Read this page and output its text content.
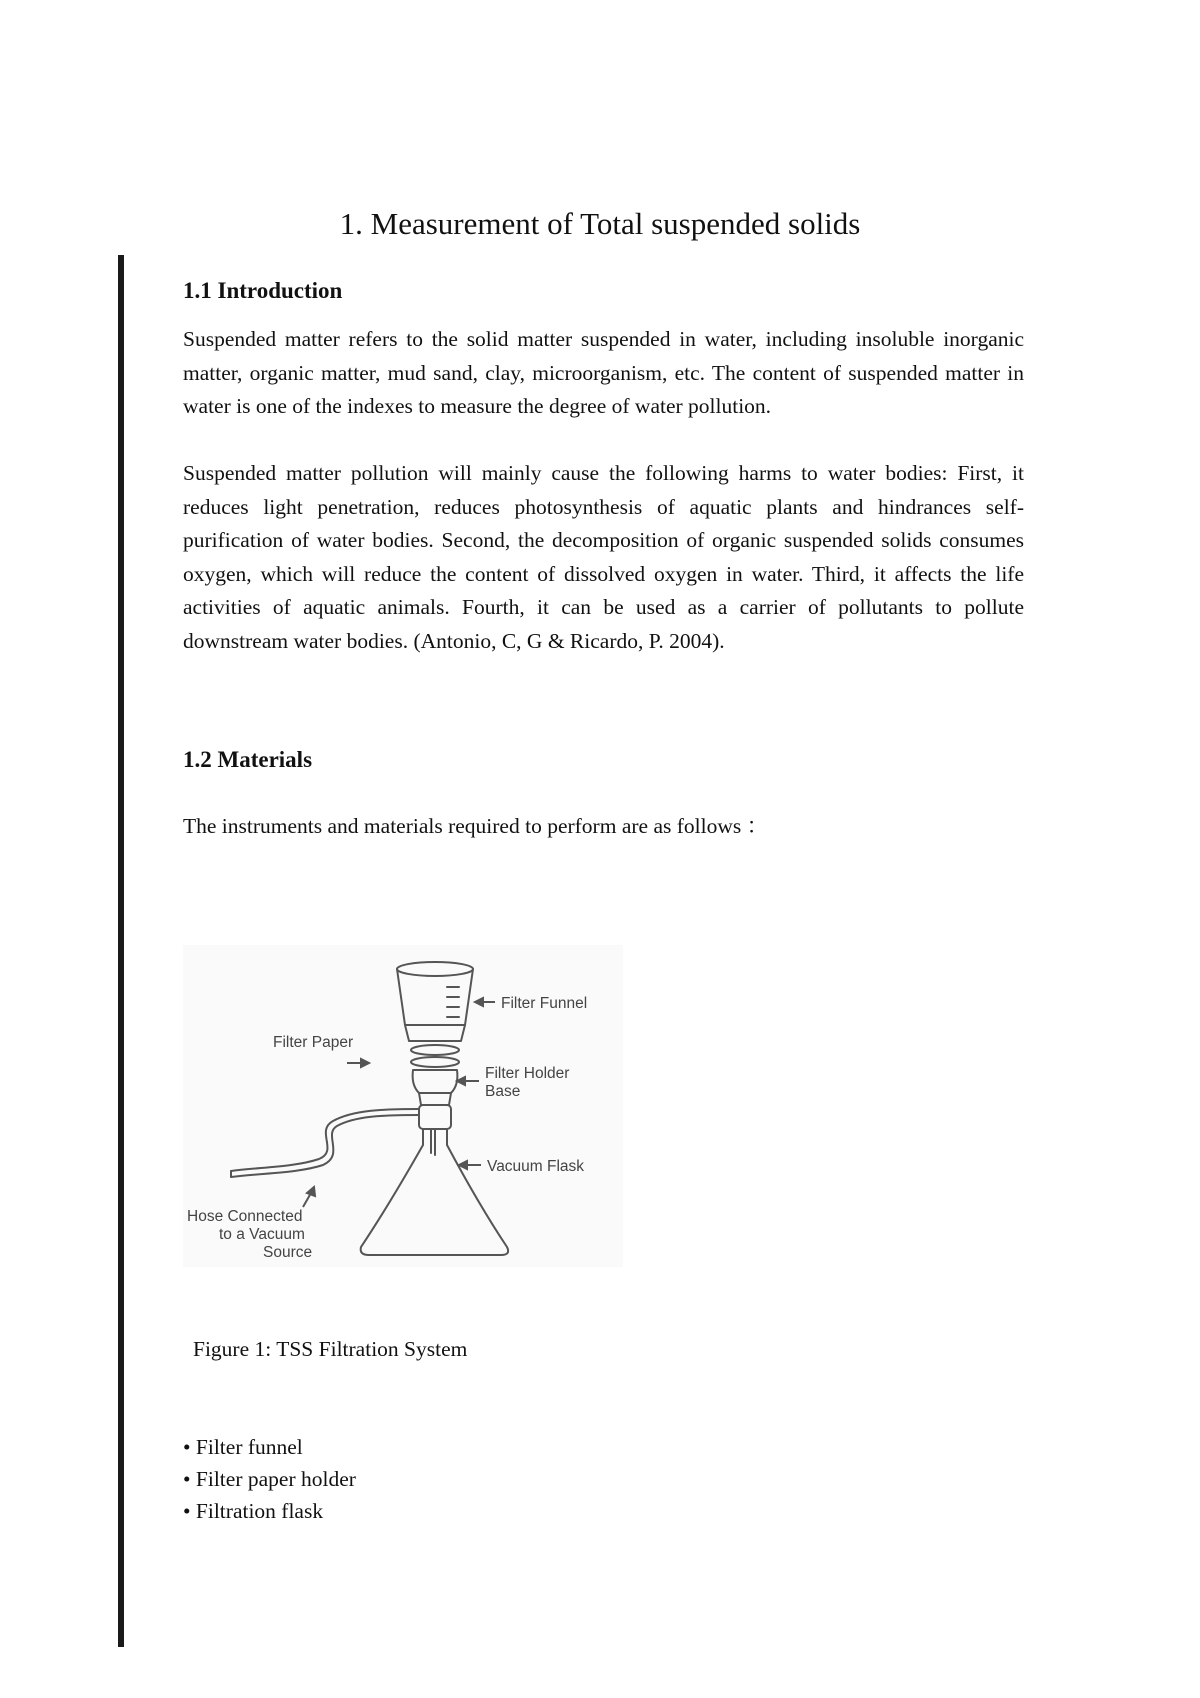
1. Measurement of Total suspended solids
1.1 Introduction

Suspended matter refers to the solid matter suspended in water, including insoluble inorganic matter, organic matter, mud sand, clay, microorganism, etc. The content of suspended matter in water is one of the indexes to measure the degree of water pollution.

Suspended matter pollution will mainly cause the following harms to water bodies: First, it reduces light penetration, reduces photosynthesis of aquatic plants and hindrances self-purification of water bodies. Second, the decomposition of organic suspended solids consumes oxygen, which will reduce the content of dissolved oxygen in water. Third, it affects the life activities of aquatic animals. Fourth, it can be used as a carrier of pollutants to pollute downstream water bodies. (Antonio, C, G & Ricardo, P. 2004).

1.2 Materials
The instruments and materials required to perform are as follows ：
Filter Funnel
Filter Paper
Filter Holder
Base
Vacuum Flask
Hose Connected
to a Vacuum
Source
Figure 1: TSS Filtration System
• Filter funnel
• Filter paper holder
• Filtration flask
